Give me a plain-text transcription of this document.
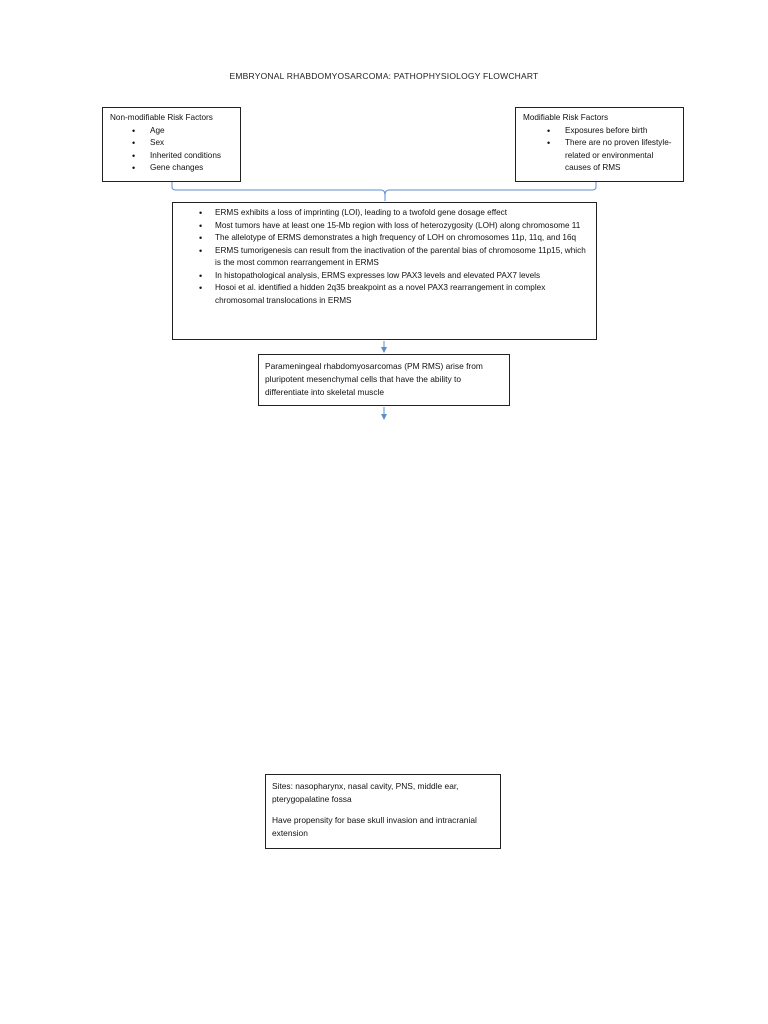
EMBRYONAL RHABDOMYOSARCOMA: PATHOPHYSIOLOGY FLOWCHART
Non-modifiable Risk Factors
• Age
• Sex
• Inherited conditions
• Gene changes
Modifiable Risk Factors
• Exposures before birth
• There are no proven lifestyle-related or environmental causes of RMS
• ERMS exhibits a loss of imprinting (LOI), leading to a twofold gene dosage effect
• Most tumors have at least one 15-Mb region with loss of heterozygosity (LOH) along chromosome 11
• The allelotype of ERMS demonstrates a high frequency of LOH on chromosomes 11p, 11q, and 16q
• ERMS tumorigenesis can result from the inactivation of the parental bias of chromosome 11p15, which is the most common rearrangement in ERMS
• In histopathological analysis, ERMS expresses low PAX3 levels and elevated PAX7 levels
• Hosoi et al. identified a hidden 2q35 breakpoint as a novel PAX3 rearrangement in complex chromosomal translocations in ERMS
Parameningeal rhabdomyosarcomas (PM RMS) arise from pluripotent mesenchymal cells that have the ability to differentiate into skeletal muscle

Sites: nasopharynx, nasal cavity, PNS, middle ear, pterygopalatine fossa

Have propensity for base skull invasion and intracranial extension
